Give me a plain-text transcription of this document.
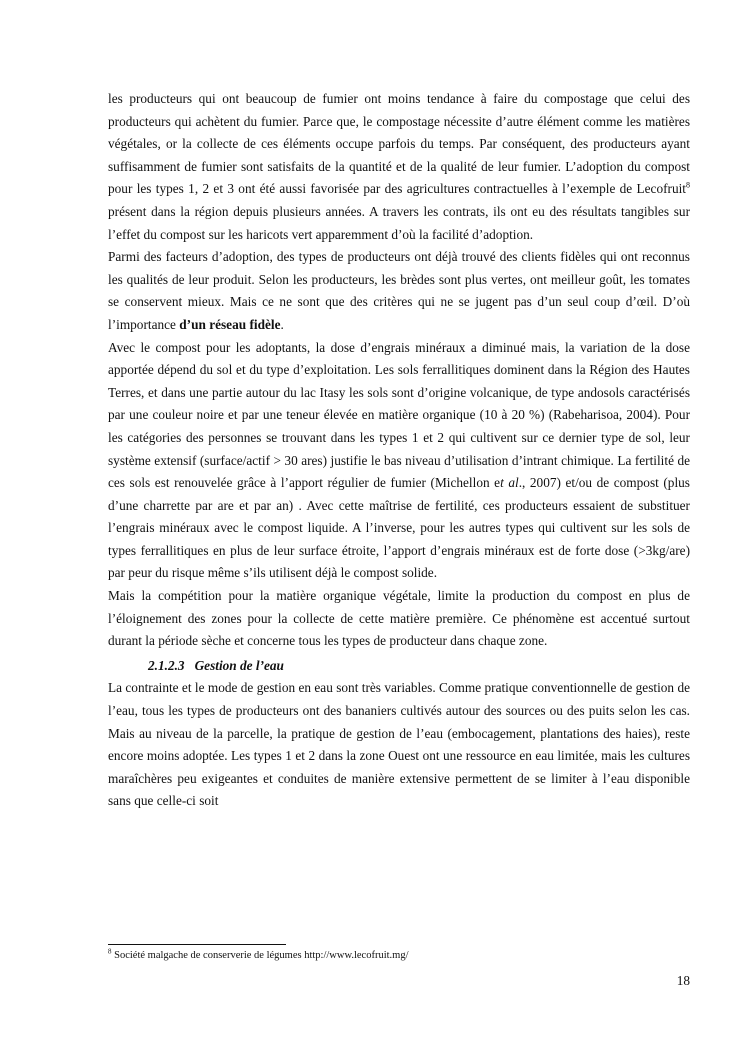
les producteurs qui ont beaucoup de fumier ont moins tendance à faire du compostage que celui des producteurs qui achètent du fumier. Parce que, le compostage nécessite d’autre élément comme les matières végétales, or la collecte de ces éléments occupe parfois du temps. Par conséquent, des producteurs ayant suffisamment de fumier sont satisfaits de la quantité et de la qualité de leur fumier. L’adoption du compost pour les types 1, 2 et 3 ont été aussi favorisée par des agricultures contractuelles à l’exemple de Lecofruit$^8$ présent dans la région depuis plusieurs années. A travers les contrats, ils ont eu des résultats tangibles sur l’effet du compost sur les haricots vert apparemment d’où la facilité d’adoption.

Parmi des facteurs d’adoption, des types de producteurs ont déjà trouvé des clients fidèles qui ont reconnus les qualités de leur produit. Selon les producteurs, les brèdes sont plus vertes, ont meilleur goût, les tomates se conservent mieux. Mais ce ne sont que des critères qui ne se jugent pas d’un seul coup d’œil. D’où l’importance d’un réseau fidèle.

Avec le compost pour les adoptants, la dose d’engrais minéraux a diminué mais, la variation de la dose apportée dépend du sol et du type d’exploitation. Les sols ferrallitiques dominent dans la Région des Hautes Terres, et dans une partie autour du lac Itasy les sols sont d’origine volcanique, de type andosols caractérisés par une couleur noire et par une teneur élevée en matière organique (10 à 20 %) (Rabeharisoa, 2004). Pour les catégories des personnes se trouvant dans les types 1 et 2 qui cultivent sur ce dernier type de sol, leur système extensif (surface/actif > 30 ares) justifie le bas niveau d’utilisation d’intrant chimique. La fertilité de ces sols est renouvelée grâce à l’apport régulier de fumier (Michellon et al., 2007) et/ou de compost (plus d’une charrette par are et par an) . Avec cette maîtrise de fertilité, ces producteurs essaient de substituer l’engrais minéraux avec le compost liquide. A l’inverse, pour les autres types qui cultivent sur les sols de types ferrallitiques en plus de leur surface étroite, l’apport d’engrais minéraux est de forte dose (>3kg/are) par peur du risque même s’ils utilisent déjà le compost solide.

Mais la compétition pour la matière organique végétale, limite la production du compost en plus de l’éloignement des zones pour la collecte de cette matière première. Ce phénomène est accentué surtout durant la période sèche et concerne tous les types de producteur dans chaque zone.

2.1.2.3 Gestion de l’eau

La contrainte et le mode de gestion en eau sont très variables. Comme pratique conventionnelle de gestion de l’eau, tous les types de producteurs ont des bananiers cultivés autour des sources ou des puits selon les cas. Mais au niveau de la parcelle, la pratique de gestion de l’eau (embocagement, plantations des haies), reste encore moins adoptée. Les types 1 et 2 dans la zone Ouest ont une ressource en eau limitée, mais les cultures maraîchères peu exigeantes et conduites de manière extensive permettent de se limiter à l’eau disponible sans que celle-ci soit

$^8$ Société malgache de conserverie de légumes http://www.lecofruit.mg/
18
